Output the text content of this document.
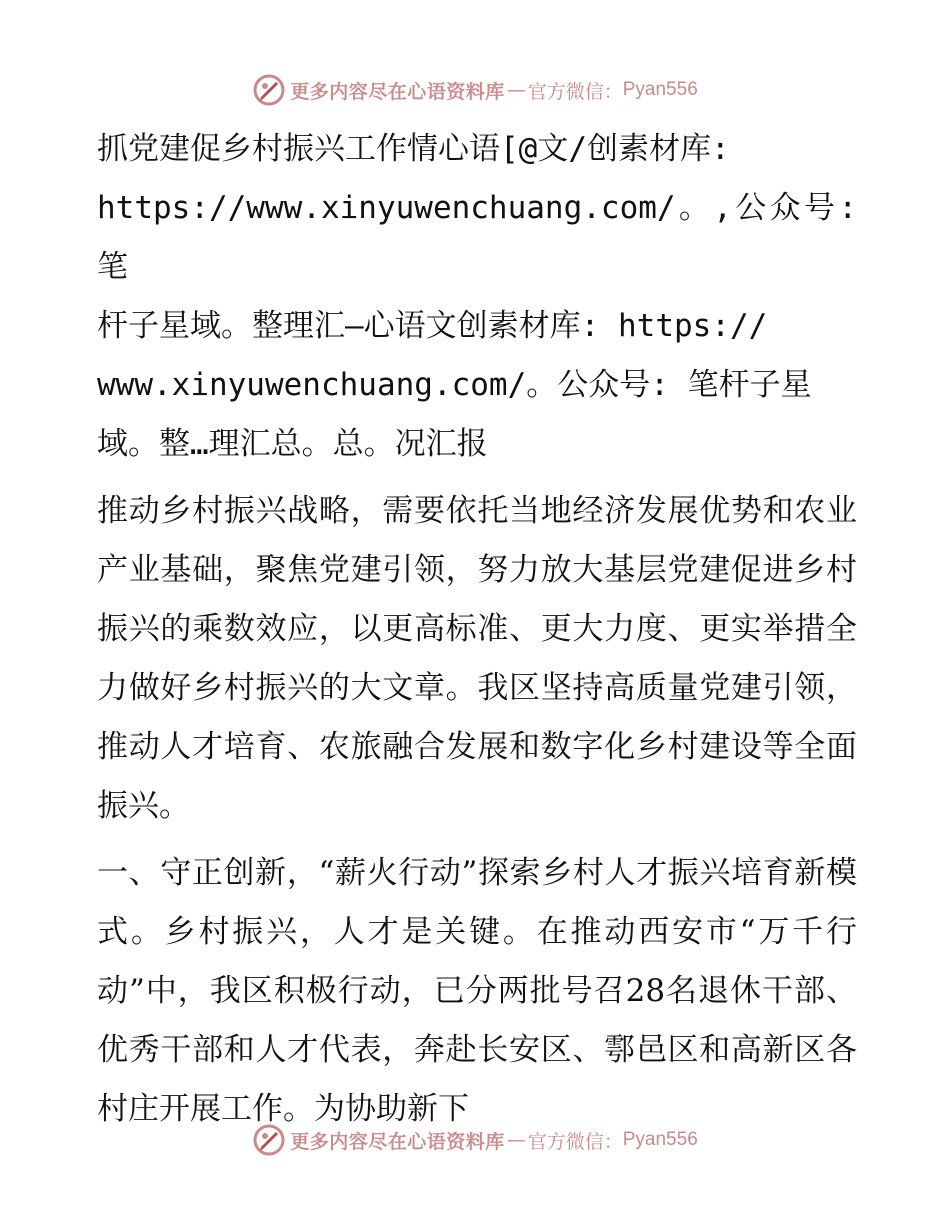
更多内容尽在心语资料库 — 官方微信： Pyan556

抓党建促乡村振兴工作情心语[@文/创素材库:
https://www.xinyuwenchuang.com/。,公众号: 笔
杆子星域。整理汇—心语文创素材库: https://
www.xinyuwenchuang.com/。公众号: 笔杆子星
域。整…理汇总。总。况汇报

推动乡村振兴战略，需要依托当地经济发展优势和农业产业基础，聚焦党建引领，努力放大基层党建促进乡村振兴的乘数效应，以更高标准、更大力度、更实举措全力做好乡村振兴的大文章。我区坚持高质量党建引领，推动人才培育、农旅融合发展和数字化乡村建设等全面振兴。

一、守正创新，“薪火行动”探索乡村人才振兴培育新模式。乡村振兴，人才是关键。在推动西安市“万千行动”中，我区积极行动，已分两批号召28名退休干部、优秀干部和人才代表，奔赴长安区、鄠邑区和高新区各村庄开展工作。为协助新下

更多内容尽在心语资料库 — 官方微信： Pyan556
